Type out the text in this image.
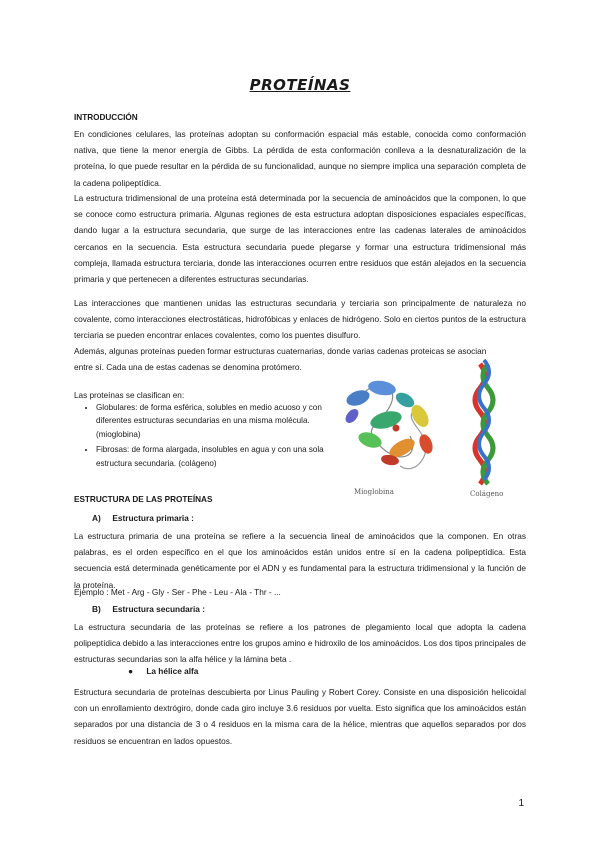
PROTEÍNAS
INTRODUCCIÓN

En condiciones celulares, las proteínas adoptan su conformación espacial más estable, conocida como conformación nativa, que tiene la menor energía de Gibbs. La pérdida de esta conformación conlleva a la desnaturalización de la proteína, lo que puede resultar en la pérdida de su funcionalidad, aunque no siempre implica una separación completa de la cadena polipeptídica.

La estructura tridimensional de una proteína está determinada por la secuencia de aminoácidos que la componen, lo que se conoce como estructura primaria. Algunas regiones de esta estructura adoptan disposiciones espaciales específicas, dando lugar a la estructura secundaria, que surge de las interacciones entre las cadenas laterales de aminoácidos cercanos en la secuencia. Esta estructura secundaria puede plegarse y formar una estructura tridimensional más compleja, llamada estructura terciaria, donde las interacciones ocurren entre residuos que están alejados en la secuencia primaria y que pertenecen a diferentes estructuras secundarias.

Las interacciones que mantienen unidas las estructuras secundaria y terciaria son principalmente de naturaleza no covalente, como interacciones electrostáticas, hidrofóbicas y enlaces de hidrógeno. Solo en ciertos puntos de la estructura terciaria se pueden encontrar enlaces covalentes, como los puentes disulfuro.

Además, algunas proteínas pueden formar estructuras cuaternarias, donde varias cadenas proteicas se asocian

entre sí. Cada una de estas cadenas se denomina protómero.

Las proteínas se clasifican en:
• Globulares: de forma esférica, solubles en medio acuoso y con diferentes estructuras secundarias en una misma molécula. (mioglobina)
• Fibrosas: de forma alargada, insolubles en agua y con una sola estructura secundaria. (colágeno)
Mioglobina	Colágeno
ESTRUCTURA DE LAS PROTEÍNAS
A) Estructura primaria :

La estructura primaria de una proteína se refiere a la secuencia lineal de aminoácidos que la componen. En otras palabras, es el orden específico en el que los aminoácidos están unidos entre sí en la cadena polipeptídica. Esta secuencia está determinada genéticamente por el ADN y es fundamental para la estructura tridimensional y la función de la proteína.

Ejemplo : Met - Arg - Gly - Ser - Phe - Leu - Ala - Thr - ...

B) Estructura secundaria :

La estructura secundaria de las proteínas se refiere a los patrones de plegamiento local que adopta la cadena polipeptídica debido a las interacciones entre los grupos amino e hidroxilo de los aminoácidos. Los dos tipos principales de estructuras secundarias son la alfa hélice y la lámina beta .

● La hélice alfa

Estructura secundaria de proteínas descubierta por Linus Pauling y Robert Corey. Consiste en una disposición helicoidal con un enrollamiento dextrógiro, donde cada giro incluye 3.6 residuos por vuelta. Esto significa que los aminoácidos están separados por una distancia de 3 o 4 residuos en la misma cara de la hélice, mientras que aquellos separados por dos residuos se encuentran en lados opuestos.

1
